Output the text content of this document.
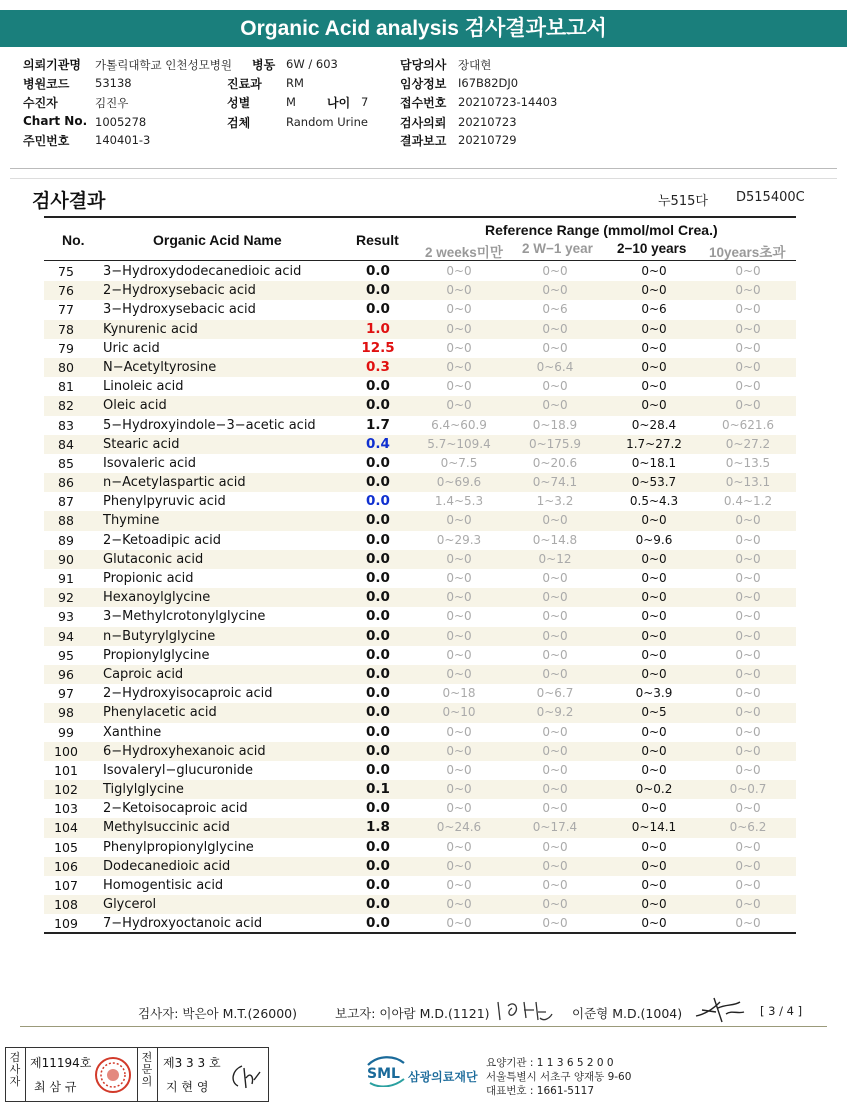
Organic Acid analysis 검사결과보고서
의뢰기관명 가톨릭대학교 인천성모병원
병원코드 53138
수진자	김진우
Chart No. 1005278
주민번호 140401-3
병동 6W / 603
진료과 RM
성별	M	나이 7
검체	Random Urine
담당의사 장대현
임상정보 I67B82DJ0
접수번호 20210723-14403
검사의뢰 20210723
결과보고 20210729
검사결과	누515다 D515400C
No.	Organic Acid Name	Result
Reference Range (mmol/mol Crea.)
2 weeks미만 2 W−1 year 2−10 years 10years초과
75	3−Hydroxydodecanedioic acid	0.0	0~0	0~0	0~0	0~0
76	2−Hydroxysebacic acid	0.0	0~0	0~0	0~0	0~0
77	3−Hydroxysebacic acid	0.0	0~0	0~6	0~6	0~0
78	Kynurenic acid	1.0	0~0	0~0	0~0	0~0
79	Uric acid	12.5	0~0	0~0	0~0	0~0
80	N−Acetyltyrosine	0.3	0~0	0~6.4	0~0	0~0
81	Linoleic acid	0.0	0~0	0~0	0~0	0~0
82	Oleic acid	0.0	0~0	0~0	0~0	0~0
83	5−Hydroxyindole−3−acetic acid	1.7	6.4~60.9	0~18.9	0~28.4	0~621.6
84	Stearic acid	0.4	5.7~109.4	0~175.9	1.7~27.2	0~27.2
85	Isovaleric acid	0.0	0~7.5	0~20.6	0~18.1	0~13.5
86	n−Acetylaspartic acid	0.0	0~69.6	0~74.1	0~53.7	0~13.1
87	Phenylpyruvic acid	0.0	1.4~5.3	1~3.2	0.5~4.3	0.4~1.2
88	Thymine	0.0	0~0	0~0	0~0	0~0
89	2−Ketoadipic acid	0.0	0~29.3	0~14.8	0~9.6	0~0
90	Glutaconic acid	0.0	0~0	0~12	0~0	0~0
91	Propionic acid	0.0	0~0	0~0	0~0	0~0
92	Hexanoylglycine	0.0	0~0	0~0	0~0	0~0
93	3−Methylcrotonylglycine	0.0	0~0	0~0	0~0	0~0
94	n−Butyrylglycine	0.0	0~0	0~0	0~0	0~0
95	Propionylglycine	0.0	0~0	0~0	0~0	0~0
96	Caproic acid	0.0	0~0	0~0	0~0	0~0
97	2−Hydroxyisocaproic acid	0.0	0~18	0~6.7	0~3.9	0~0
98	Phenylacetic acid	0.0	0~10	0~9.2	0~5	0~0
99	Xanthine	0.0	0~0	0~0	0~0	0~0
100	6−Hydroxyhexanoic acid	0.0	0~0	0~0	0~0	0~0
101	Isovaleryl−glucuronide	0.0	0~0	0~0	0~0	0~0
102	Tiglylglycine	0.1	0~0	0~0	0~0.2	0~0.7
103	2−Ketoisocaproic acid	0.0	0~0	0~0	0~0	0~0
104	Methylsuccinic acid	1.8	0~24.6	0~17.4	0~14.1	0~6.2
105	Phenylpropionylglycine	0.0	0~0	0~0	0~0	0~0
106	Dodecanedioic acid	0.0	0~0	0~0	0~0	0~0
107	Homogentisic acid	0.0	0~0	0~0	0~0	0~0
108	Glycerol	0.0	0~0	0~0	0~0	0~0
109	7−Hydroxyoctanoic acid	0.0	0~0	0~0	0~0	0~0
검사자: 박은아 M.T.(26000)	보고자: 이아람 M.D.(1121)	이준형 M.D.(1004)	[ 3 / 4 ]
검사자
제11194호
최 삼 규
전문의
제3 3 3 호
지 현 영
SML 삼광의료재단
요양기관 : 1 1 3 6 5 2 0 0
서울특별시 서초구 양재동 9-60
대표번호 : 1661-5117
